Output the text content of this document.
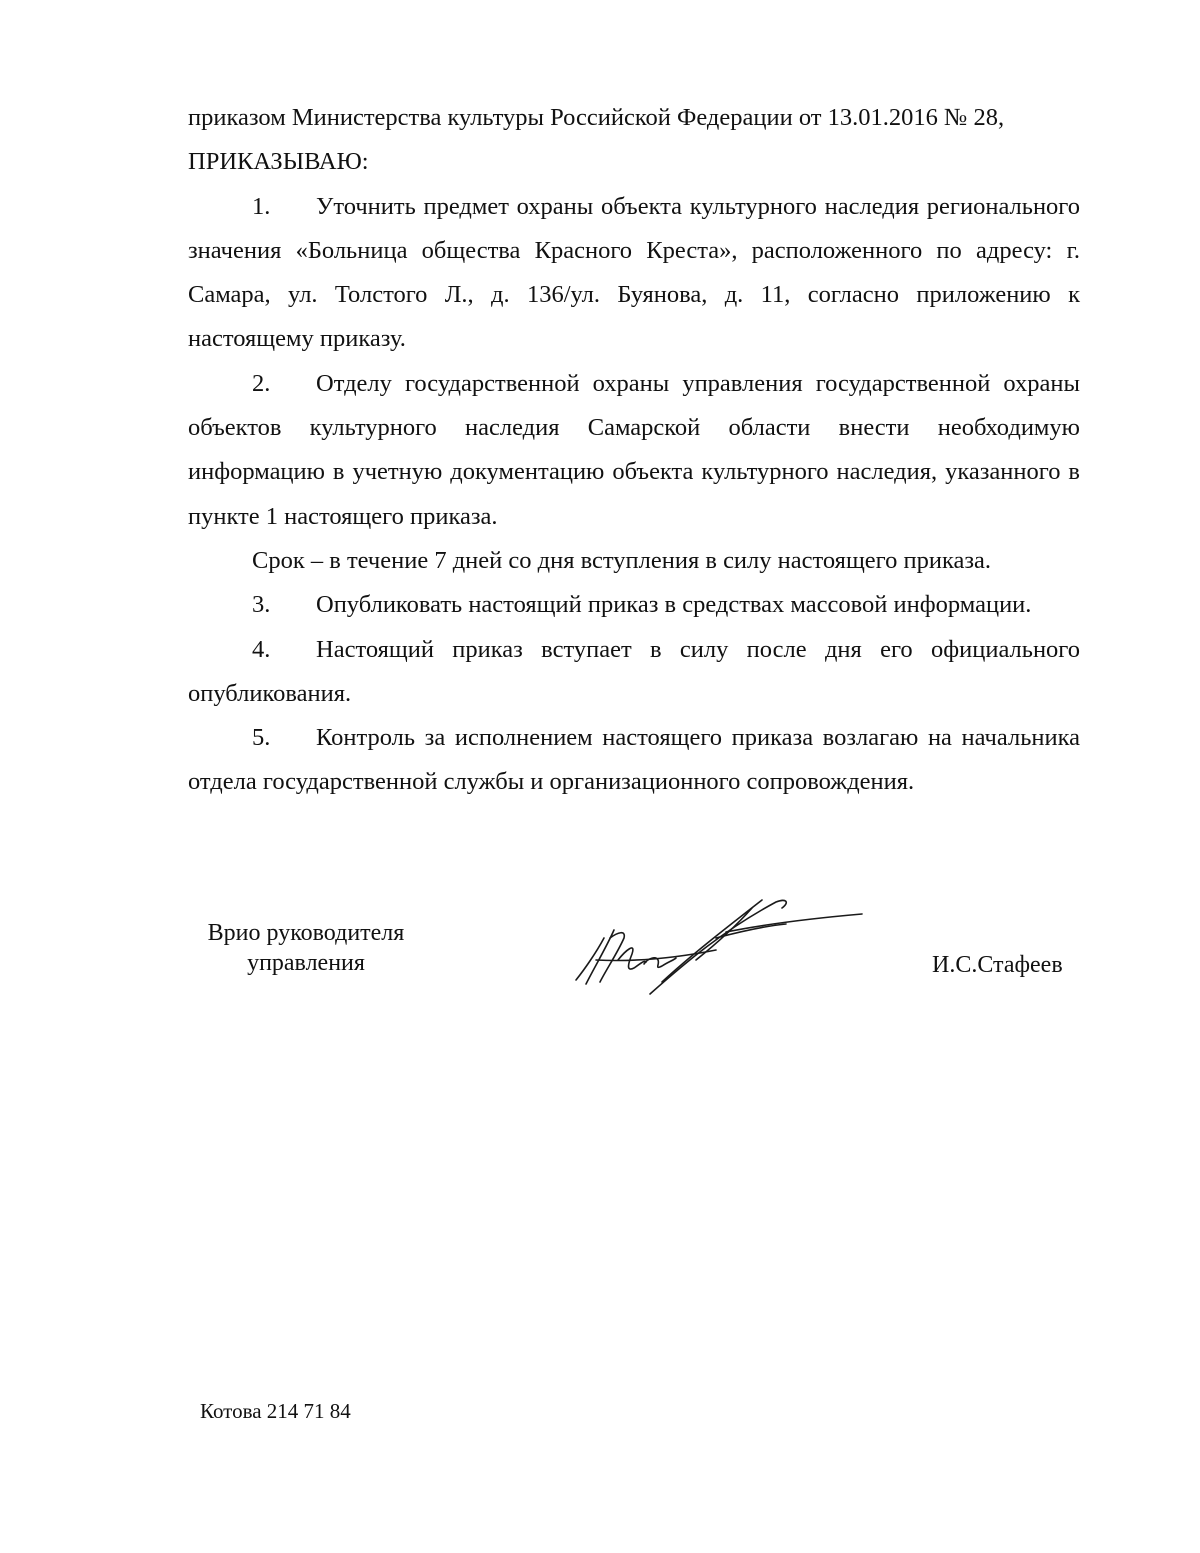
приказом Министерства культуры Российской Федерации от 13.01.2016 № 28,

ПРИКАЗЫВАЮ:

1. Уточнить предмет охраны объекта культурного наследия регионального значения «Больница общества Красного Креста», расположенного по адресу: г. Самара, ул. Толстого Л., д. 136/ул. Буянова, д. 11, согласно приложению к настоящему приказу.

2. Отделу государственной охраны управления государственной охраны объектов культурного наследия Самарской области внести необходимую информацию в учетную документацию объекта культурного наследия, указанного в пункте 1 настоящего приказа.

Срок – в течение 7 дней со дня вступления в силу настоящего приказа.

3. Опубликовать настоящий приказ в средствах массовой информации.

4. Настоящий приказ вступает в силу после дня его официального опубликования.

5. Контроль за исполнением настоящего приказа возлагаю на начальника отдела государственной службы и организационного сопровождения.

Врио руководителя
управления	И.С.Стафеев
Котова 214 71 84
